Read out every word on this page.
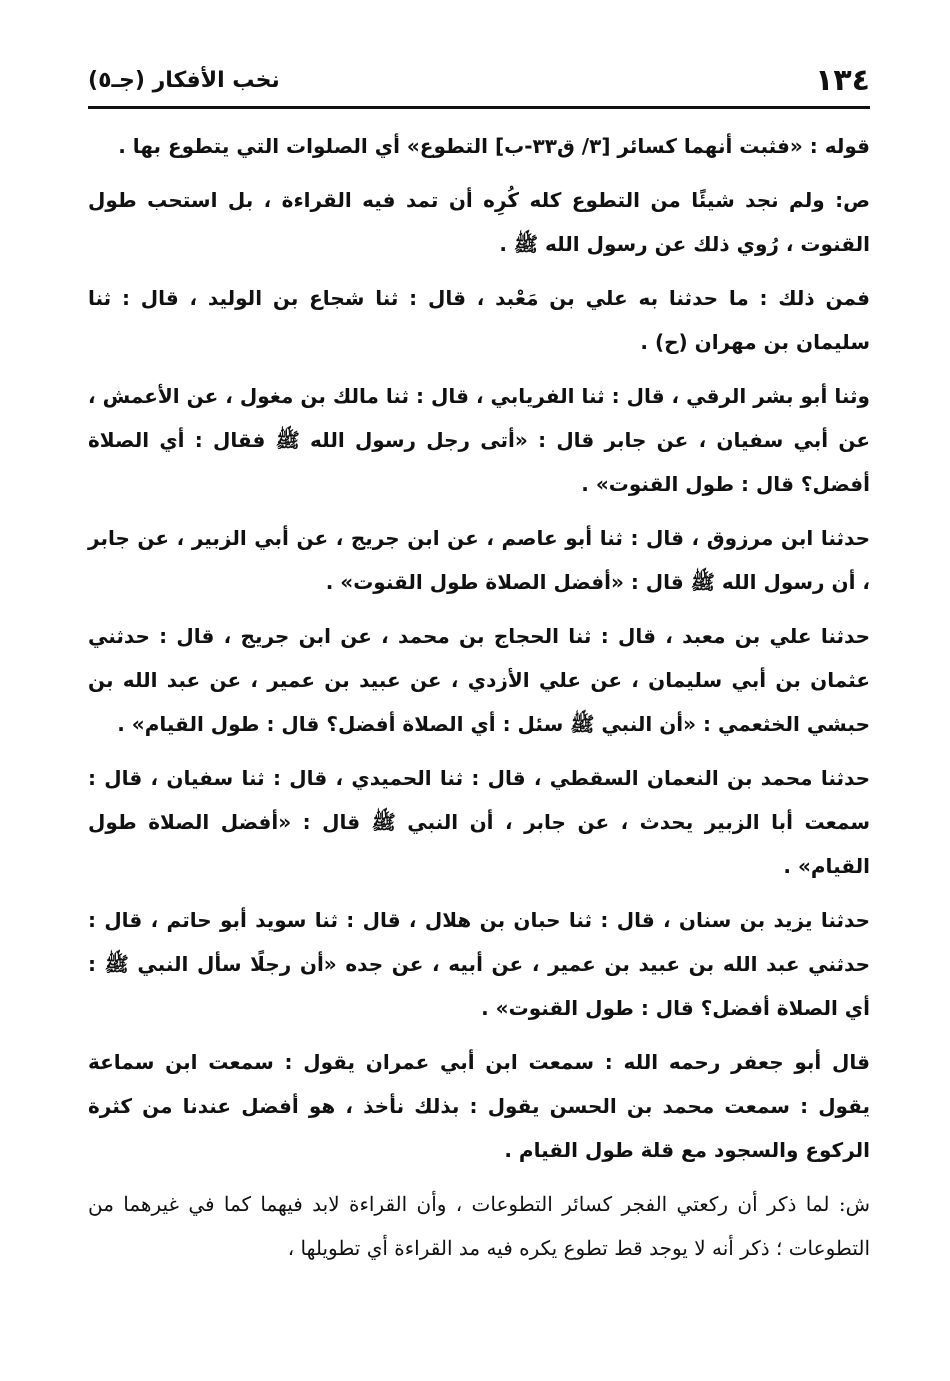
١٣٤
نخب الأفكار (جـ٥)

قوله : «فثبت أنهما كسائر [٣/ ق٣٣-ب] التطوع» أي الصلوات التي يتطوع بها .

ص: ولم نجد شيئًا من التطوع كله كُرِه أن تمد فيه القراءة ، بل استحب طول القنوت ، رُوي ذلك عن رسول الله ﷺ .

فمن ذلك : ما حدثنا به علي بن مَعْبد ، قال : ثنا شجاع بن الوليد ، قال : ثنا سليمان بن مهران (ح) .

وثنا أبو بشر الرقي ، قال : ثنا الفريابي ، قال : ثنا مالك بن مغول ، عن الأعمش ، عن أبي سفيان ، عن جابر قال : «أتى رجل رسول الله ﷺ فقال : أي الصلاة أفضل؟ قال : طول القنوت» .

حدثنا ابن مرزوق ، قال : ثنا أبو عاصم ، عن ابن جريج ، عن أبي الزبير ، عن جابر ، أن رسول الله ﷺ قال : «أفضل الصلاة طول القنوت» .

حدثنا علي بن معبد ، قال : ثنا الحجاج بن محمد ، عن ابن جريج ، قال : حدثني عثمان بن أبي سليمان ، عن علي الأزدي ، عن عبيد بن عمير ، عن عبد الله بن حبشي الخثعمي : «أن النبي ﷺ سئل : أي الصلاة أفضل؟ قال : طول القيام» .

حدثنا محمد بن النعمان السقطي ، قال : ثنا الحميدي ، قال : ثنا سفيان ، قال : سمعت أبا الزبير يحدث ، عن جابر ، أن النبي ﷺ قال : «أفضل الصلاة طول القيام» .

حدثنا يزيد بن سنان ، قال : ثنا حبان بن هلال ، قال : ثنا سويد أبو حاتم ، قال : حدثني عبد الله بن عبيد بن عمير ، عن أبيه ، عن جده «أن رجلًا سأل النبي ﷺ : أي الصلاة أفضل؟ قال : طول القنوت» .

قال أبو جعفر رحمه الله : سمعت ابن أبي عمران يقول : سمعت ابن سماعة يقول : سمعت محمد بن الحسن يقول : بذلك نأخذ ، هو أفضل عندنا من كثرة الركوع والسجود مع قلة طول القيام .

ش: لما ذكر أن ركعتي الفجر كسائر التطوعات ، وأن القراءة لابد فيهما كما في غيرهما من التطوعات ؛ ذكر أنه لا يوجد قط تطوع يكره فيه مد القراءة أي تطويلها ،
